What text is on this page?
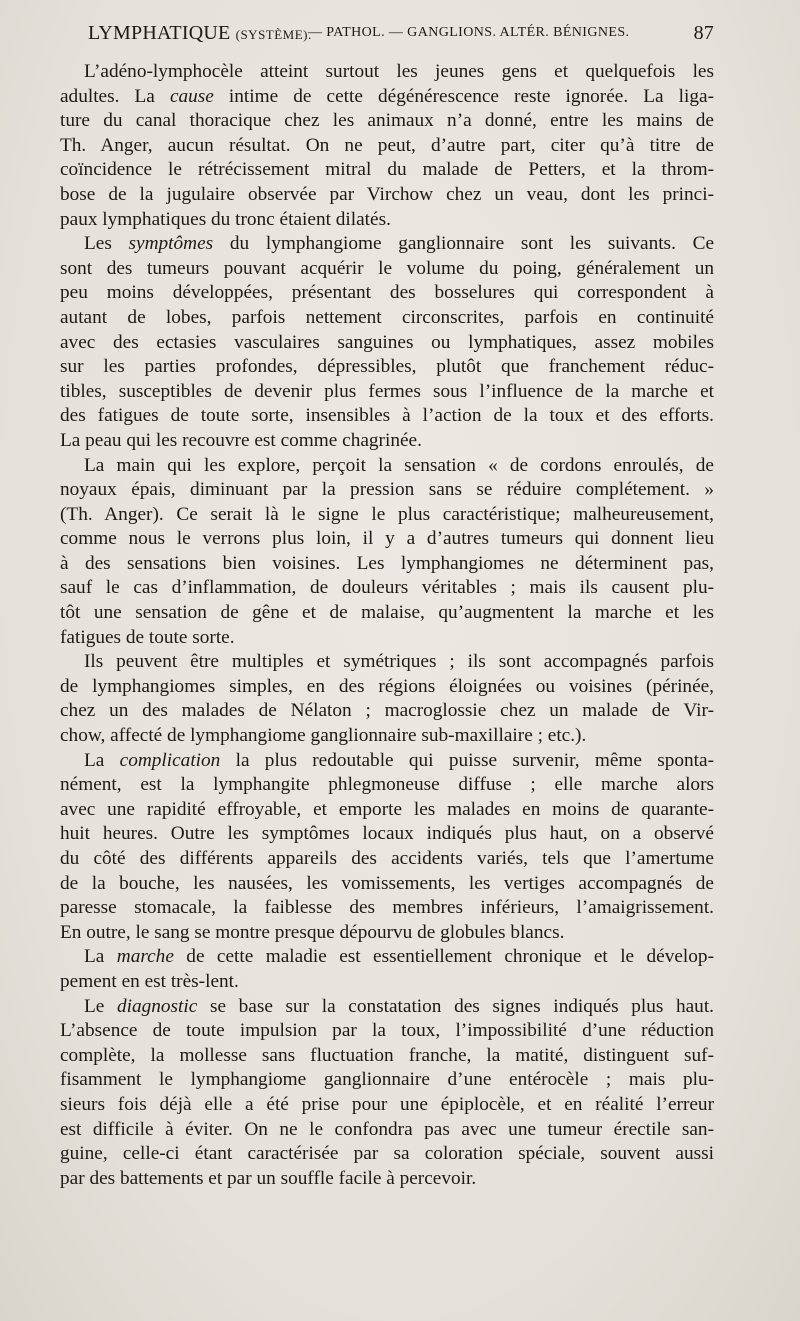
LYMPHATIQUE (SYSTÈME).
— PATHOL. — GANGLIONS. ALTÉR. BÉNIGNES.	87
L’adéno-lymphocèle atteint surtout les jeunes gens et quelquefois les
adultes. La cause intime de cette dégénérescence reste ignorée. La liga-
ture du canal thoracique chez les animaux n’a donné, entre les mains de
Th. Anger, aucun résultat. On ne peut, d’autre part, citer qu’à titre de
coïncidence le rétrécissement mitral du malade de Petters, et la throm-
bose de la jugulaire observée par Virchow chez un veau, dont les princi-
paux lymphatiques du tronc étaient dilatés.
Les symptômes du lymphangiome ganglionnaire sont les suivants. Ce
sont des tumeurs pouvant acquérir le volume du poing, généralement un
peu moins développées, présentant des bosselures qui correspondent à
autant de lobes, parfois nettement circonscrites, parfois en continuité
avec des ectasies vasculaires sanguines ou lymphatiques, assez mobiles
sur les parties profondes, dépressibles, plutôt que franchement réduc-
tibles, susceptibles de devenir plus fermes sous l’influence de la marche et
des fatigues de toute sorte, insensibles à l’action de la toux et des efforts.
La peau qui les recouvre est comme chagrinée.
La main qui les explore, perçoit la sensation « de cordons enroulés, de
noyaux épais, diminuant par la pression sans se réduire complétement. »
(Th. Anger). Ce serait là le signe le plus caractéristique; malheureusement,
comme nous le verrons plus loin, il y a d’autres tumeurs qui donnent lieu
à des sensations bien voisines. Les lymphangiomes ne déterminent pas,
sauf le cas d’inflammation, de douleurs véritables ; mais ils causent plu-
tôt une sensation de gêne et de malaise, qu’augmentent la marche et les
fatigues de toute sorte.
Ils peuvent être multiples et symétriques ; ils sont accompagnés parfois
de lymphangiomes simples, en des régions éloignées ou voisines (périnée,
chez un des malades de Nélaton ; macroglossie chez un malade de Vir-
chow, affecté de lymphangiome ganglionnaire sub-maxillaire ; etc.).
La complication la plus redoutable qui puisse survenir, même sponta-
nément, est la lymphangite phlegmoneuse diffuse ; elle marche alors
avec une rapidité effroyable, et emporte les malades en moins de quarante-
huit heures. Outre les symptômes locaux indiqués plus haut, on a observé
du côté des différents appareils des accidents variés, tels que l’amertume
de la bouche, les nausées, les vomissements, les vertiges accompagnés de
paresse stomacale, la faiblesse des membres inférieurs, l’amaigrissement.
En outre, le sang se montre presque dépourvu de globules blancs.
La marche de cette maladie est essentiellement chronique et le dévelop-
pement en est très-lent.
Le diagnostic se base sur la constatation des signes indiqués plus haut.
L’absence de toute impulsion par la toux, l’impossibilité d’une réduction
complète, la mollesse sans fluctuation franche, la matité, distinguent suf-
fisamment le lymphangiome ganglionnaire d’une entérocèle ; mais plu-
sieurs fois déjà elle a été prise pour une épiplocèle, et en réalité l’erreur
est difficile à éviter. On ne le confondra pas avec une tumeur érectile san-
guine, celle-ci étant caractérisée par sa coloration spéciale, souvent aussi
par des battements et par un souffle facile à percevoir.
